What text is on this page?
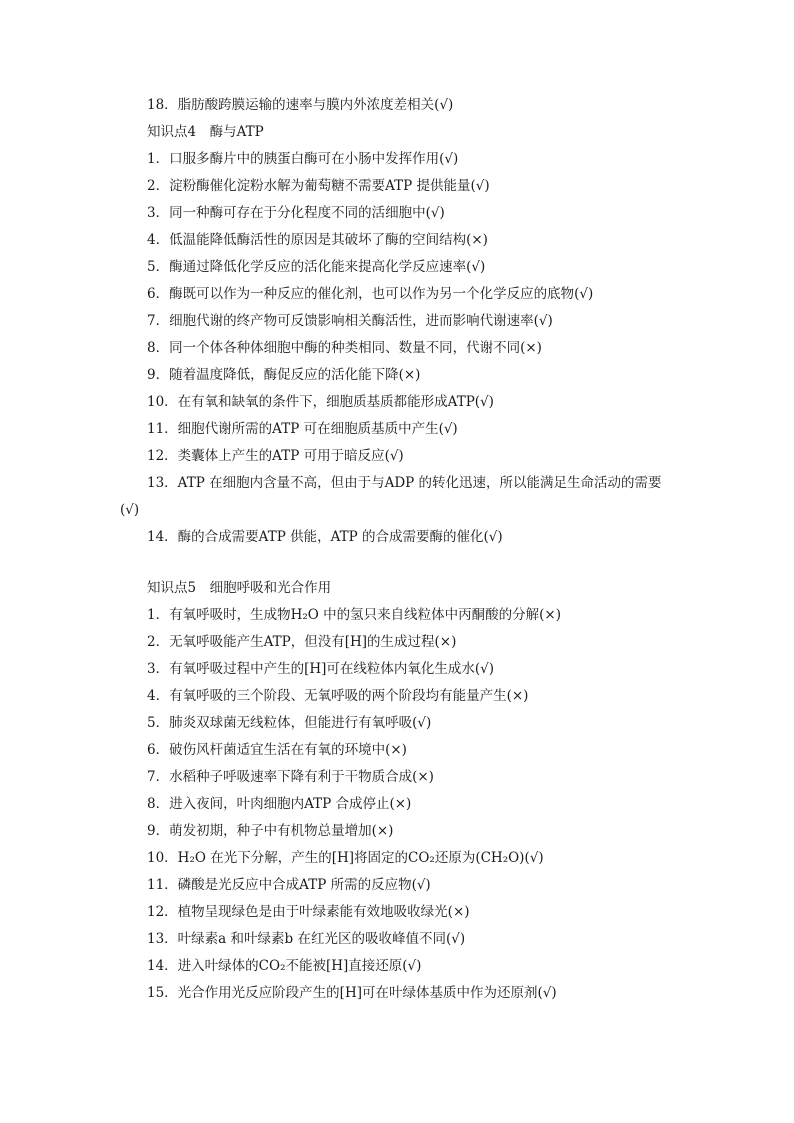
18．脂肪酸跨膜运输的速率与膜内外浓度差相关(√)
知识点4　酶与ATP
1．口服多酶片中的胰蛋白酶可在小肠中发挥作用(√)
2．淀粉酶催化淀粉水解为葡萄糖不需要ATP 提供能量(√)
3．同一种酶可存在于分化程度不同的活细胞中(√)
4．低温能降低酶活性的原因是其破坏了酶的空间结构(×)
5．酶通过降低化学反应的活化能来提高化学反应速率(√)
6．酶既可以作为一种反应的催化剂，也可以作为另一个化学反应的底物(√)
7．细胞代谢的终产物可反馈影响相关酶活性，进而影响代谢速率(√)
8．同一个体各种体细胞中酶的种类相同、数量不同，代谢不同(×)
9．随着温度降低，酶促反应的活化能下降(×)
10．在有氧和缺氧的条件下，细胞质基质都能形成ATP(√)
11．细胞代谢所需的ATP 可在细胞质基质中产生(√)
12．类囊体上产生的ATP 可用于暗反应(√)
13．ATP 在细胞内含量不高，但由于与ADP 的转化迅速，所以能满足生命活动的需要(√)
14．酶的合成需要ATP 供能，ATP 的合成需要酶的催化(√)
知识点5　细胞呼吸和光合作用
1．有氧呼吸时，生成物H₂O 中的氢只来自线粒体中丙酮酸的分解(×)
2．无氧呼吸能产生ATP，但没有[H]的生成过程(×)
3．有氧呼吸过程中产生的[H]可在线粒体内氧化生成水(√)
4．有氧呼吸的三个阶段、无氧呼吸的两个阶段均有能量产生(×)
5．肺炎双球菌无线粒体，但能进行有氧呼吸(√)
6．破伤风杆菌适宜生活在有氧的环境中(×)
7．水稻种子呼吸速率下降有利于干物质合成(×)
8．进入夜间，叶肉细胞内ATP 合成停止(×)
9．萌发初期，种子中有机物总量增加(×)
10．H₂O 在光下分解，产生的[H]将固定的CO₂还原为(CH₂O)(√)
11．磷酸是光反应中合成ATP 所需的反应物(√)
12．植物呈现绿色是由于叶绿素能有效地吸收绿光(×)
13．叶绿素a 和叶绿素b 在红光区的吸收峰值不同(√)
14．进入叶绿体的CO₂不能被[H]直接还原(√)
15．光合作用光反应阶段产生的[H]可在叶绿体基质中作为还原剂(√)
